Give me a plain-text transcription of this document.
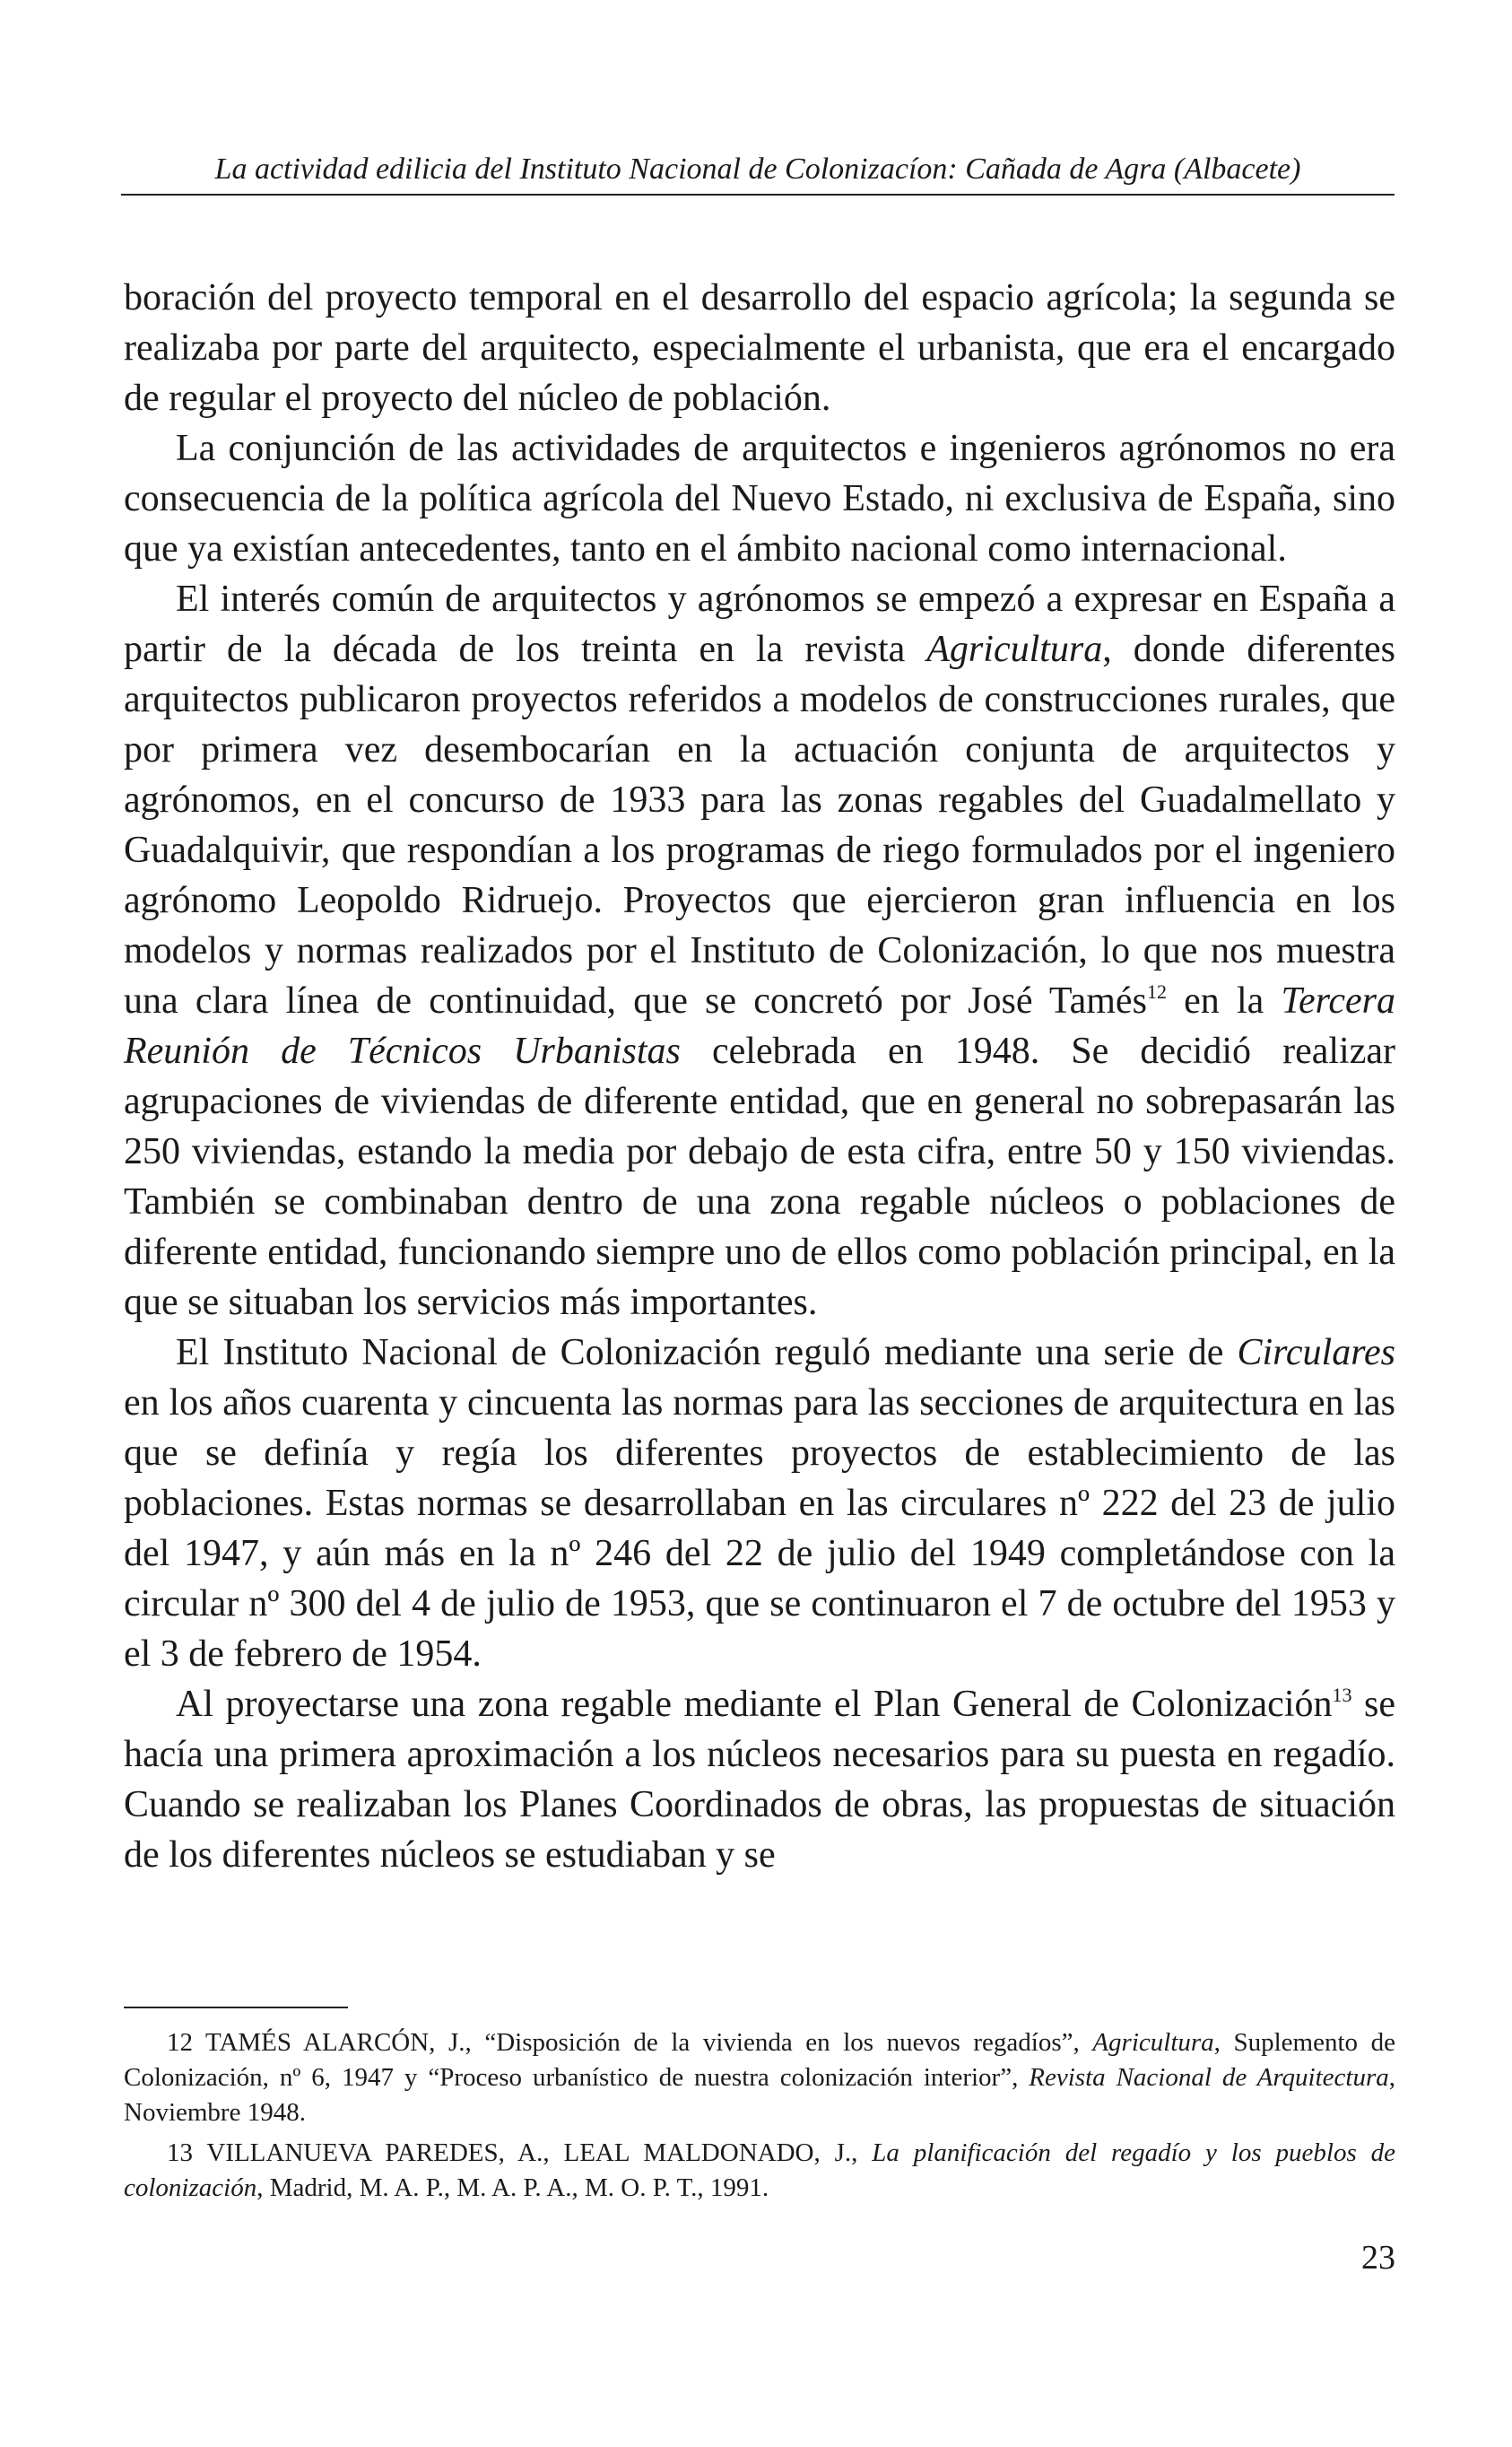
La actividad edilicia del Instituto Nacional de Colonizacíon: Cañada de Agra (Albacete)

boración del proyecto temporal en el desarrollo del espacio agrícola; la segunda se realizaba por parte del arquitecto, especialmente el urbanista, que era el encargado de regular el proyecto del núcleo de población.

La conjunción de las actividades de arquitectos e ingenieros agrónomos no era consecuencia de la política agrícola del Nuevo Estado, ni exclusiva de España, sino que ya existían antecedentes, tanto en el ámbito nacional como internacional.

El interés común de arquitectos y agrónomos se empezó a expresar en España a partir de la década de los treinta en la revista Agricultura, donde diferentes arquitectos publicaron proyectos referidos a modelos de construcciones rurales, que por primera vez desembocarían en la actuación conjunta de arquitectos y agrónomos, en el concurso de 1933 para las zonas regables del Guadalmellato y Guadalquivir, que respondían a los programas de riego formulados por el ingeniero agrónomo Leopoldo Ridruejo. Proyectos que ejercieron gran influencia en los modelos y normas realizados por el Instituto de Colonización, lo que nos muestra una clara línea de continuidad, que se concretó por José Tamés$^{12}$ en la Tercera Reunión de Técnicos Urbanistas celebrada en 1948. Se decidió realizar agrupaciones de viviendas de diferente entidad, que en general no sobrepasarán las 250 viviendas, estando la media por debajo de esta cifra, entre 50 y 150 viviendas. También se combinaban dentro de una zona regable núcleos o poblaciones de diferente entidad, funcionando siempre uno de ellos como población principal, en la que se situaban los servicios más importantes.

El Instituto Nacional de Colonización reguló mediante una serie de Circulares en los años cuarenta y cincuenta las normas para las secciones de arquitectura en las que se definía y regía los diferentes proyectos de establecimiento de las poblaciones. Estas normas se desarrollaban en las circulares nº 222 del 23 de julio del 1947, y aún más en la nº 246 del 22 de julio del 1949 completándose con la circular nº 300 del 4 de julio de 1953, que se continuaron el 7 de octubre del 1953 y el 3 de febrero de 1954.

Al proyectarse una zona regable mediante el Plan General de Colonización$^{13}$ se hacía una primera aproximación a los núcleos necesarios para su puesta en regadío. Cuando se realizaban los Planes Coordinados de obras, las propuestas de situación de los diferentes núcleos se estudiaban y se

12 TAMÉS ALARCÓN, J., “Disposición de la vivienda en los nuevos regadíos”, Agricultura, Suplemento de Colonización, nº 6, 1947 y “Proceso urbanístico de nuestra colonización interior”, Revista Nacional de Arquitectura, Noviembre 1948.

13 VILLANUEVA PAREDES, A., LEAL MALDONADO, J., La planificación del regadío y los pueblos de colonización, Madrid, M. A. P., M. A. P. A., M. O. P. T., 1991.

23
